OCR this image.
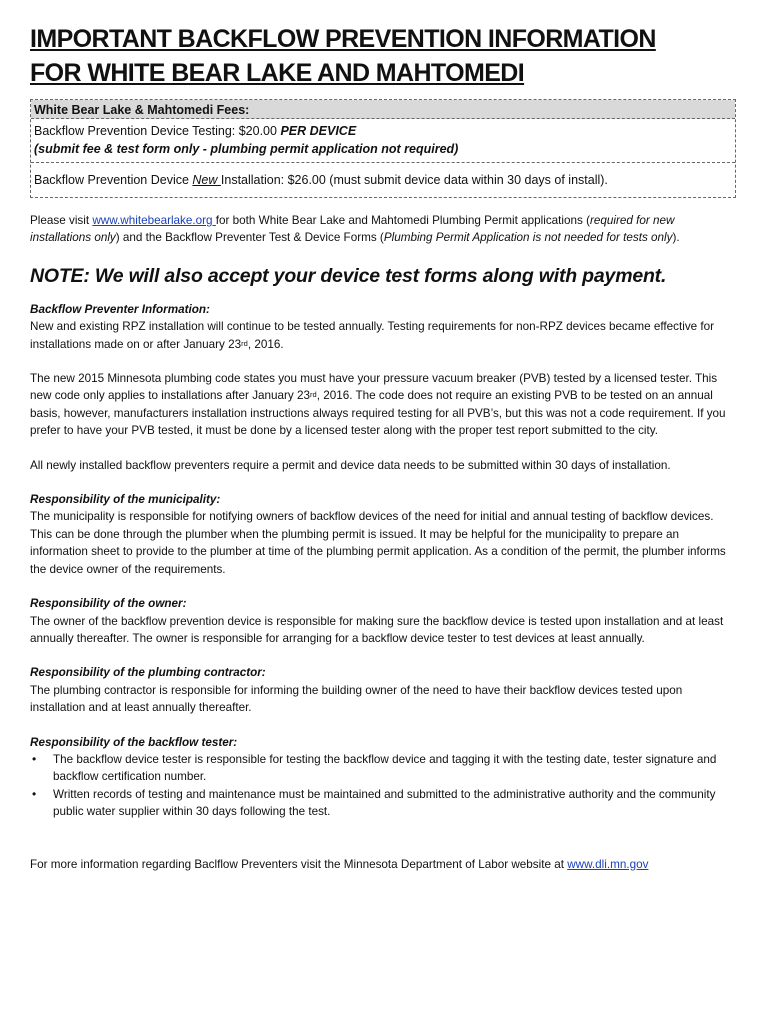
IMPORTANT BACKFLOW PREVENTION INFORMATION
FOR WHITE BEAR LAKE AND MAHTOMEDI
White Bear Lake & Mahtomedi Fees:
Backflow Prevention Device Testing: $20.00 PER DEVICE
(submit fee & test form only - plumbing permit application not required)
Backflow Prevention Device New Installation: $26.00 (must submit device data within 30 days of install).

Please visit www.whitebearlake.org for both White Bear Lake and Mahtomedi Plumbing Permit applications (required for new installations only) and the Backflow Preventer Test & Device Forms (Plumbing Permit Application is not needed for tests only).

NOTE: We will also accept your device test forms along with payment.

Backflow Preventer Information:
New and existing RPZ installation will continue to be tested annually. Testing requirements for non-RPZ devices became effective for installations made on or after January 23rd, 2016.

The new 2015 Minnesota plumbing code states you must have your pressure vacuum breaker (PVB) tested by a licensed tester. This new code only applies to installations after January 23rd, 2016. The code does not require an existing PVB to be tested on an annual basis, however, manufacturers installation instructions always required testing for all PVB’s, but this was not a code requirement. If you prefer to have your PVB tested, it must be done by a licensed tester along with the proper test report submitted to the city.

All newly installed backflow preventers require a permit and device data needs to be submitted within 30 days of installation.

Responsibility of the municipality:
The municipality is responsible for notifying owners of backflow devices of the need for initial and annual testing of backflow devices. This can be done through the plumber when the plumbing permit is issued. It may be helpful for the municipality to prepare an information sheet to provide to the plumber at time of the plumbing permit application. As a condition of the permit, the plumber informs the device owner of the requirements.

Responsibility of the owner:
The owner of the backflow prevention device is responsible for making sure the backflow device is tested upon installation and at least annually thereafter. The owner is responsible for arranging for a backflow device tester to test devices at least annually.

Responsibility of the plumbing contractor:
The plumbing contractor is responsible for informing the building owner of the need to have their backflow devices tested upon installation and at least annually thereafter.

Responsibility of the backflow tester:

• The backflow device tester is responsible for testing the backflow device and tagging it with the testing date, tester signature and backflow certification number.
• Written records of testing and maintenance must be maintained and submitted to the administrative authority and the community public water supplier within 30 days following the test.

For more information regarding Baclflow Preventers visit the Minnesota Department of Labor website at www.dli.mn.gov
